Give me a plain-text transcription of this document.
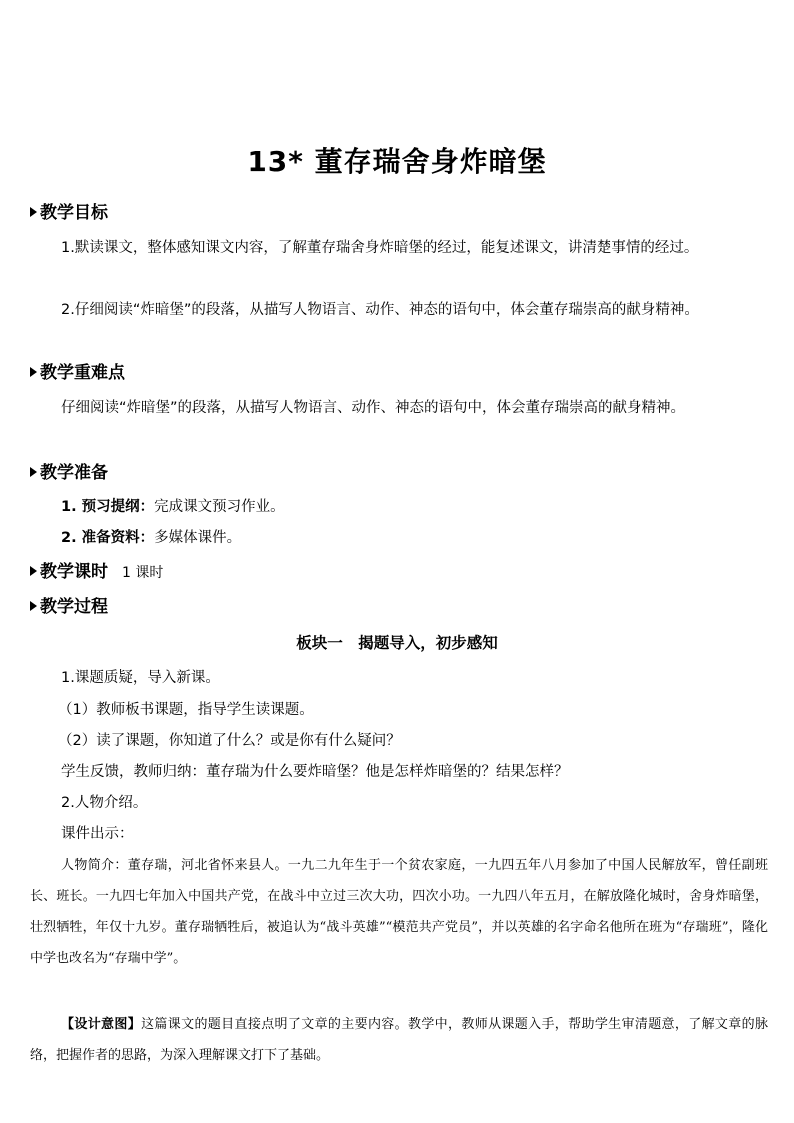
13* 董存瑞舍身炸暗堡
教学目标
1.默读课文，整体感知课文内容，了解董存瑞舍身炸暗堡的经过，能复述课文，讲清楚事情的经过。
2.仔细阅读“炸暗堡”的段落，从描写人物语言、动作、神态的语句中，体会董存瑞崇高的献身精神。
教学重难点
仔细阅读“炸暗堡”的段落，从描写人物语言、动作、神态的语句中，体会董存瑞崇高的献身精神。
教学准备
1. 预习提纲：完成课文预习作业。
2. 准备资料：多媒体课件。
教学课时 1 课时
教学过程
板块一　揭题导入，初步感知
1.课题质疑，导入新课。
（1）教师板书课题，指导学生读课题。
（2）读了课题，你知道了什么？或是你有什么疑问？
学生反馈，教师归纳：董存瑞为什么要炸暗堡？他是怎样炸暗堡的？结果怎样？
2.人物介绍。
课件出示：
人物简介：董存瑞，河北省怀来县人。一九二九年生于一个贫农家庭，一九四五年八月参加了中国人民解放军，曾任副班长、班长。一九四七年加入中国共产党，在战斗中立过三次大功，四次小功。一九四八年五月，在解放隆化城时，舍身炸暗堡，壮烈牺牲，年仅十九岁。董存瑞牺牲后，被追认为“战斗英雄”“模范共产党员”，并以英雄的名字命名他所在班为“存瑞班”，隆化中学也改名为“存瑞中学”。
【设计意图】这篇课文的题目直接点明了文章的主要内容。教学中，教师从课题入手，帮助学生审清题意，了解文章的脉络，把握作者的思路，为深入理解课文打下了基础。
